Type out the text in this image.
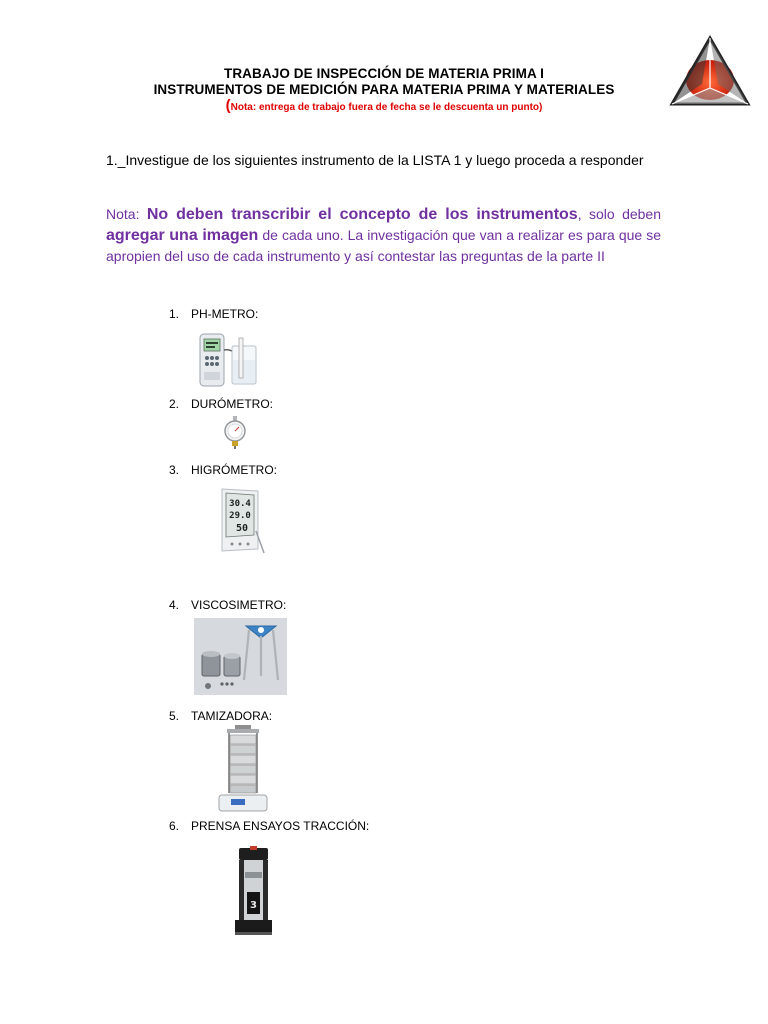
TRABAJO DE INSPECCIÓN DE MATERIA PRIMA I
INSTRUMENTOS DE MEDICIÓN PARA MATERIA PRIMA Y MATERIALES
(Nota: entrega de trabajo fuera de fecha se le descuenta un punto)
1._Investigue de los siguientes instrumento de la LISTA 1 y luego proceda a responder
Nota: No deben transcribir el concepto de los instrumentos, solo deben agregar una imagen de cada uno. La investigación que van a realizar es para que se apropien del uso de cada instrumento y así contestar las preguntas de la parte II
1. PH-METRO:
2. DURÓMETRO:
3. HIGRÓMETRO:
4. VISCOSIMETRO:
5. TAMIZADORA:
6. PRENSA ENSAYOS TRACCIÓN:
30.4
29.0
50
3
